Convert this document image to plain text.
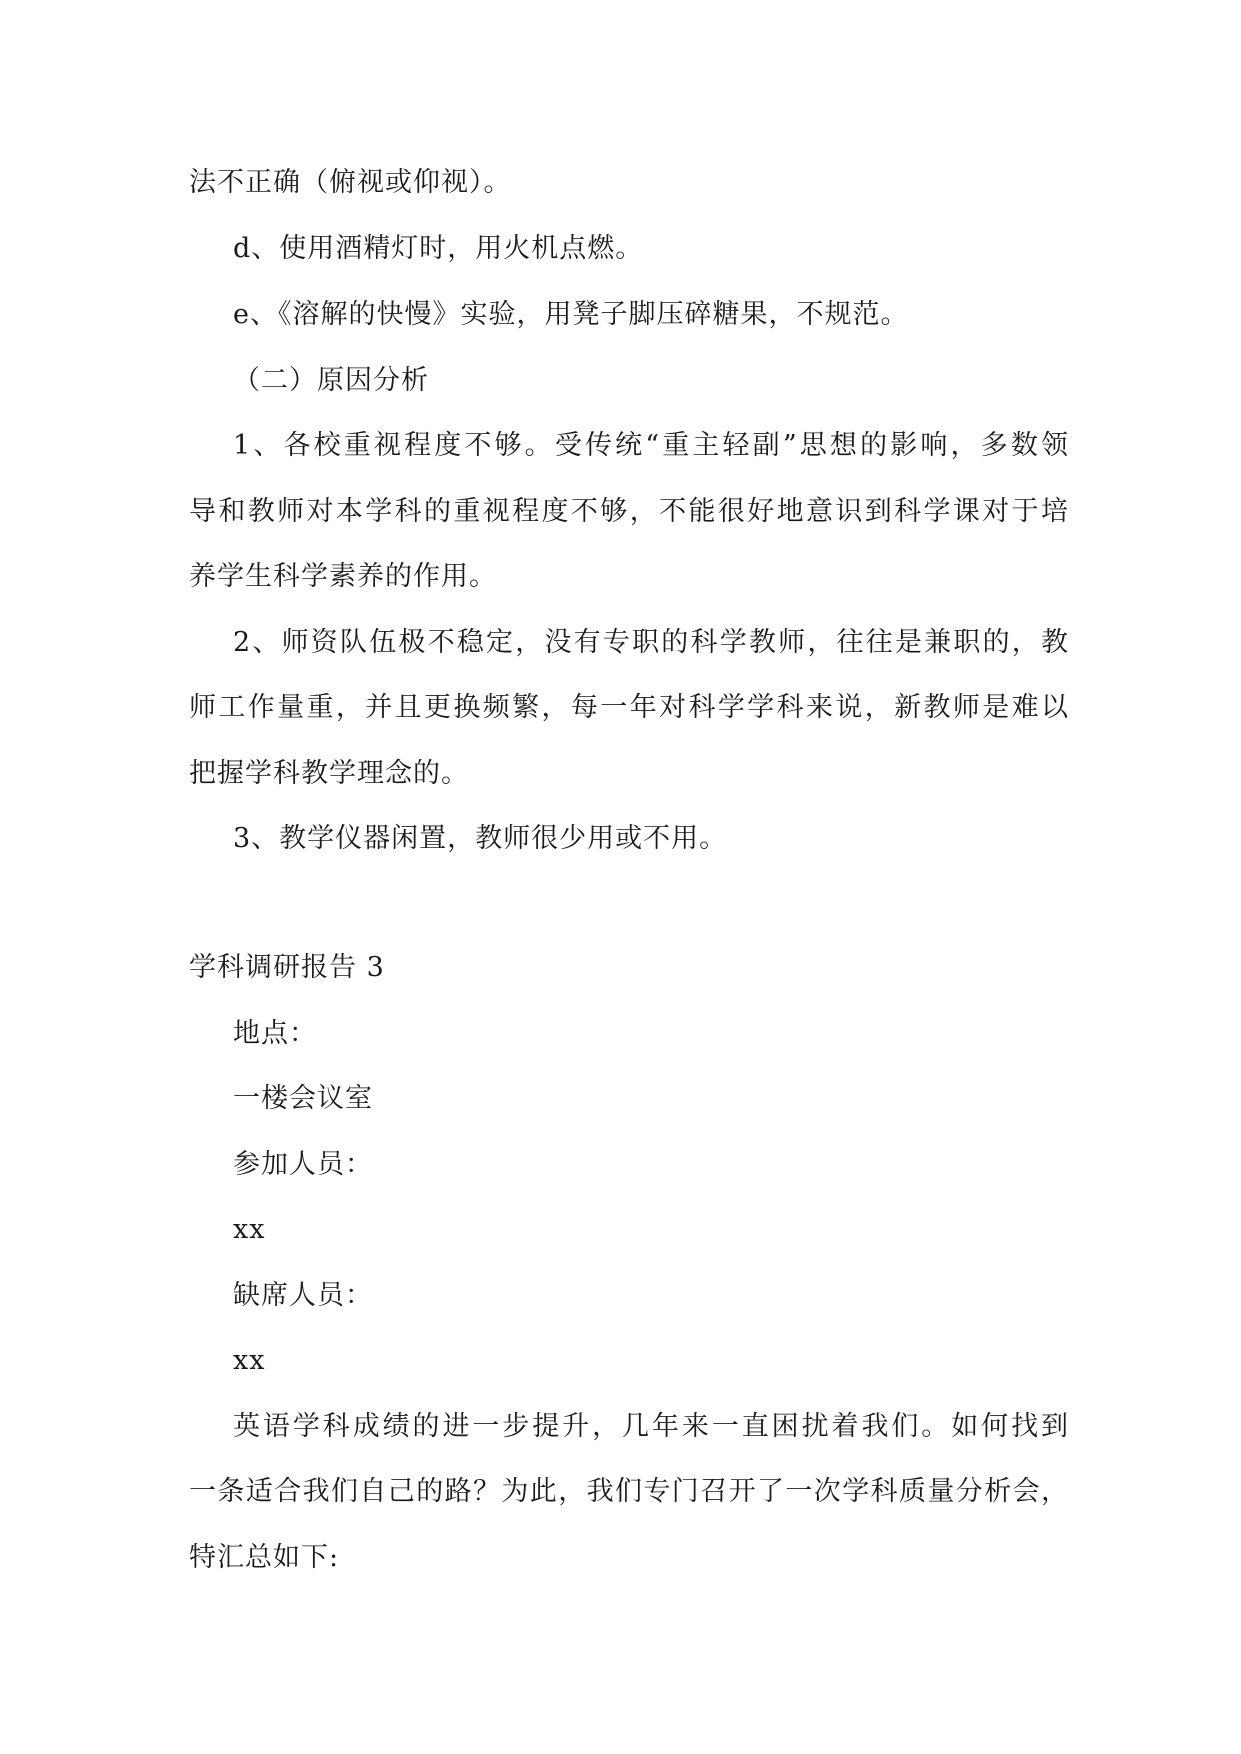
法不正确（俯视或仰视）。
d、使用酒精灯时，用火机点燃。
e、《溶解的快慢》实验，用凳子脚压碎糖果，不规范。
（二）原因分析
1、各校重视程度不够。受传统“重主轻副”思想的影响，多数领
导和教师对本学科的重视程度不够，不能很好地意识到科学课对于培
养学生科学素养的作用。
2、师资队伍极不稳定，没有专职的科学教师，往往是兼职的，教
师工作量重，并且更换频繁，每一年对科学学科来说，新教师是难以
把握学科教学理念的。
3、教学仪器闲置，教师很少用或不用。
学科调研报告 3
地点：
一楼会议室
参加人员：
xx
缺席人员：
xx
英语学科成绩的进一步提升，几年来一直困扰着我们。如何找到
一条适合我们自己的路？为此，我们专门召开了一次学科质量分析会，
特汇总如下:
